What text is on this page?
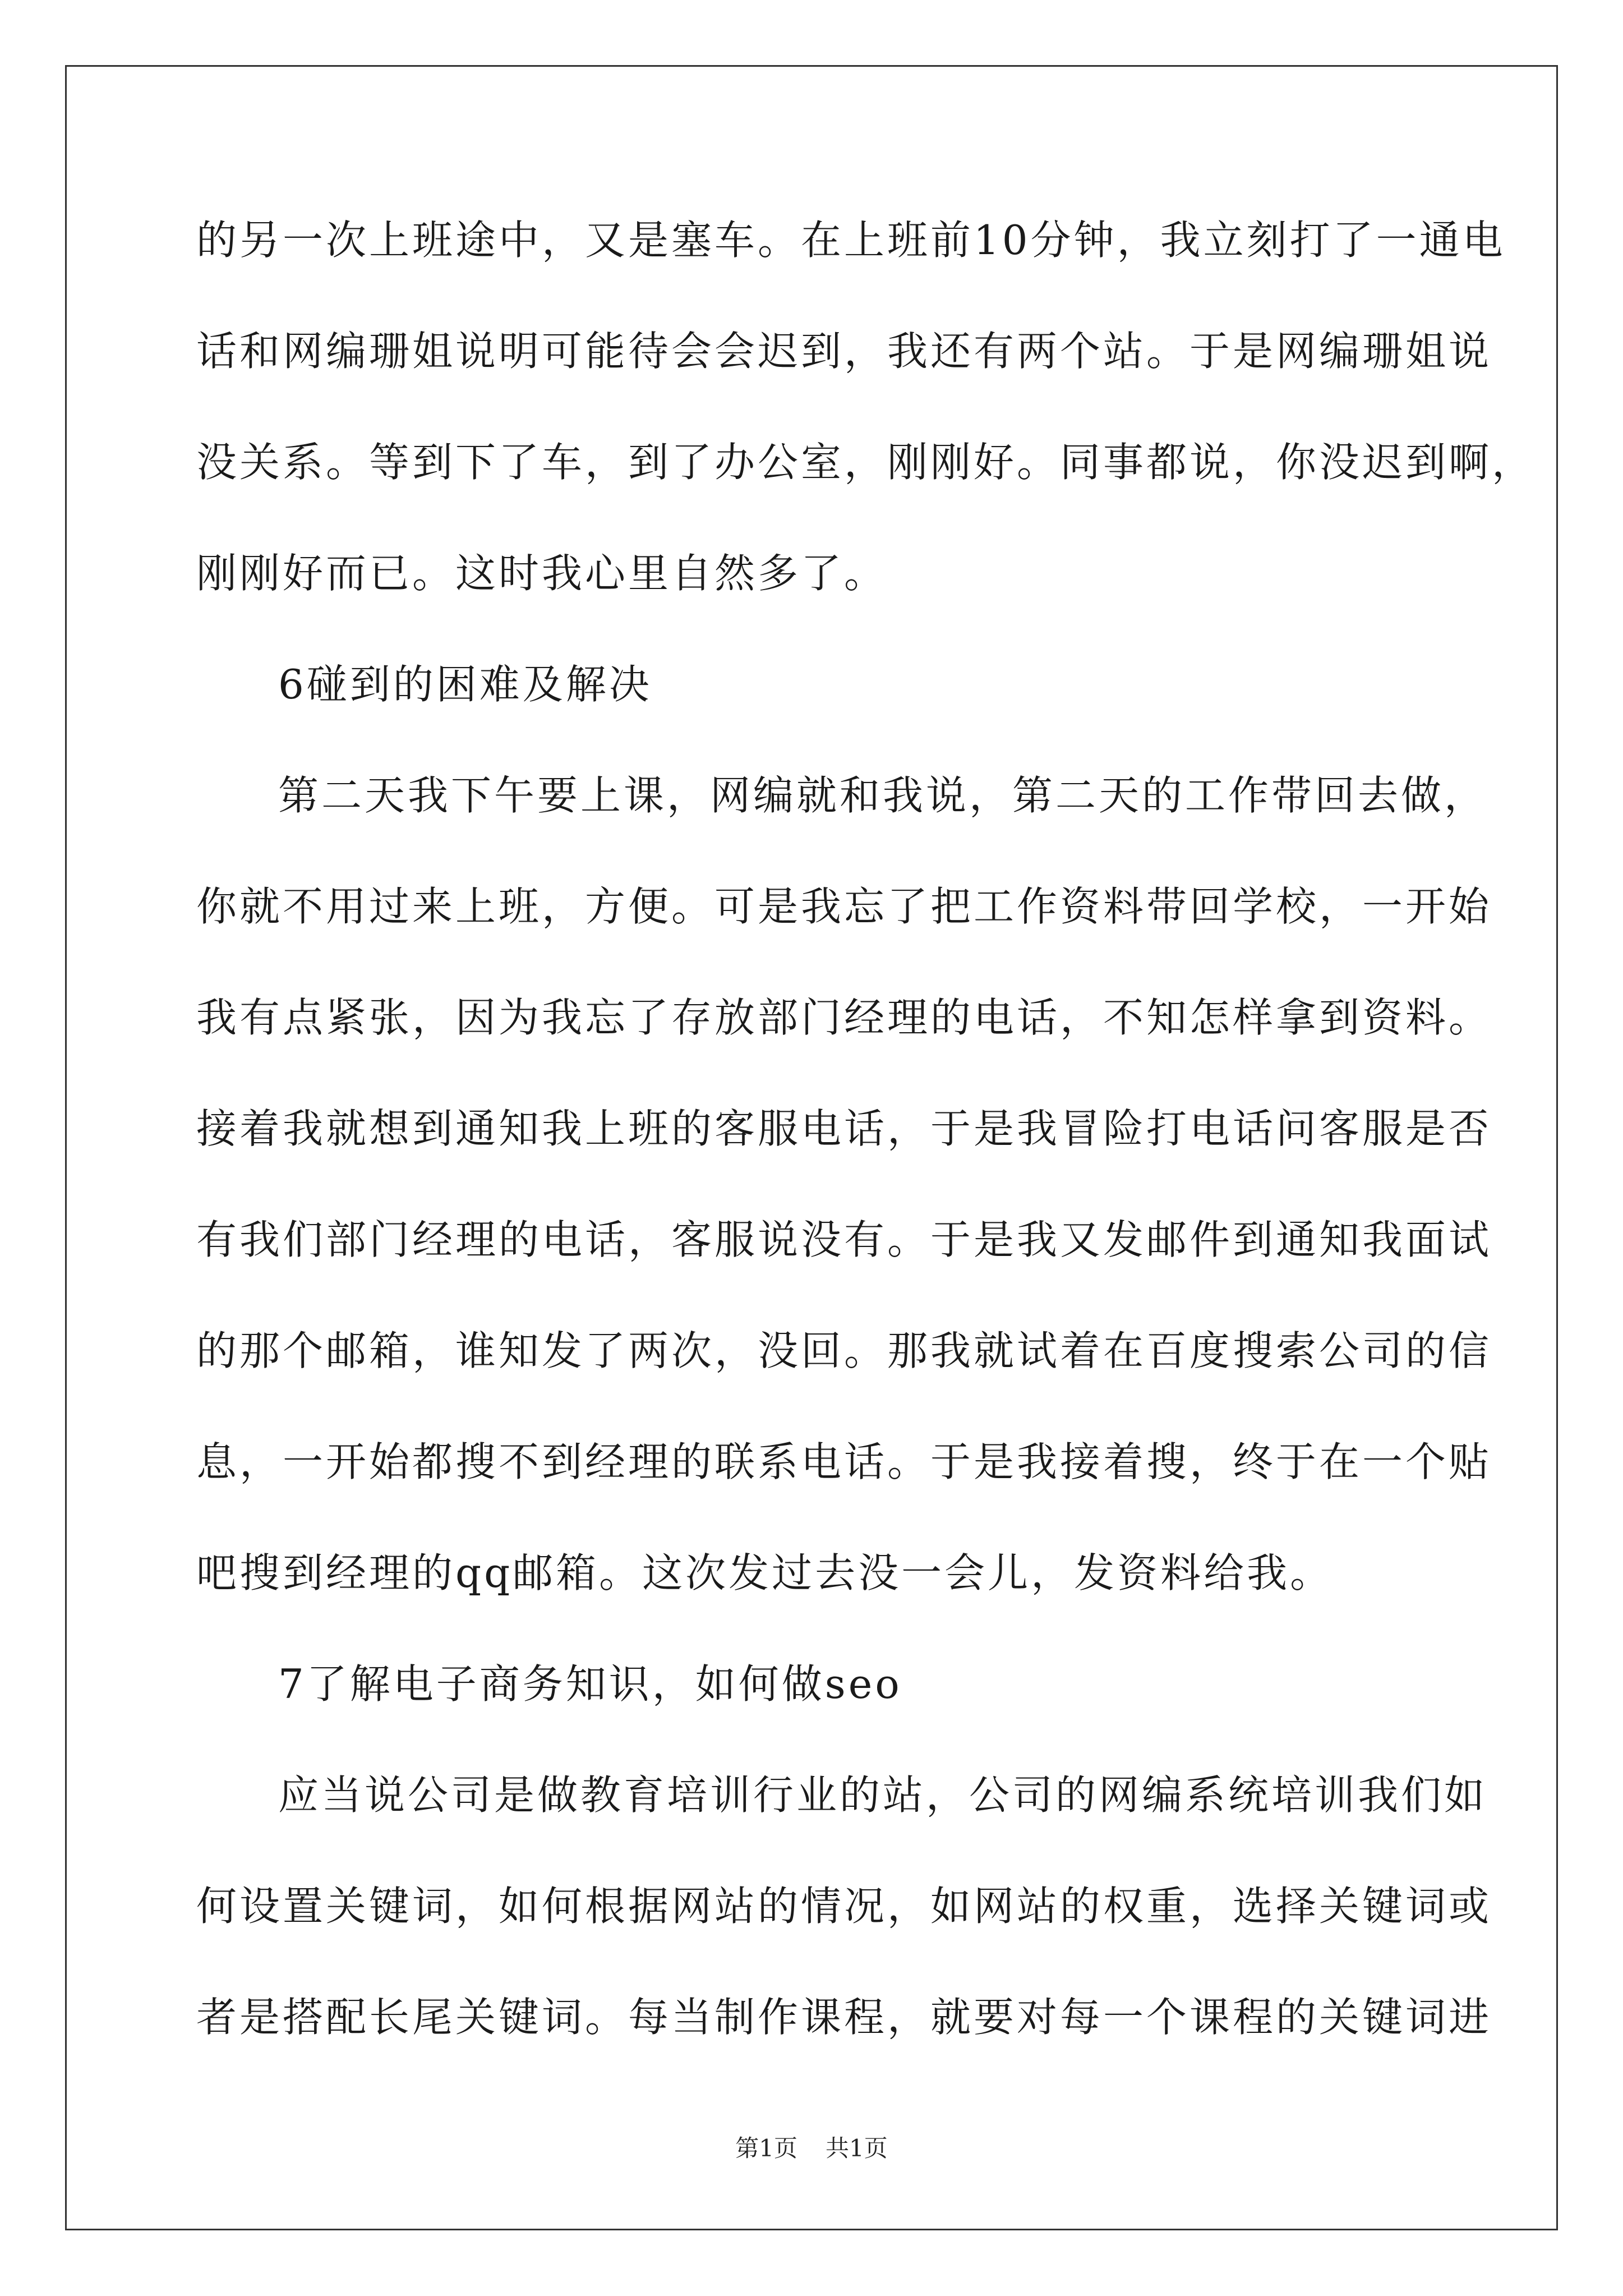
的另一次上班途中，又是塞车。在上班前10分钟，我立刻打了一通电
话和网编珊姐说明可能待会会迟到，我还有两个站。于是网编珊姐说
没关系。等到下了车，到了办公室，刚刚好。同事都说，你没迟到啊，
刚刚好而已。这时我心里自然多了。
6碰到的困难及解决
第二天我下午要上课，网编就和我说，第二天的工作带回去做，
你就不用过来上班，方便。可是我忘了把工作资料带回学校，一开始
我有点紧张，因为我忘了存放部门经理的电话，不知怎样拿到资料。
接着我就想到通知我上班的客服电话，于是我冒险打电话问客服是否
有我们部门经理的电话，客服说没有。于是我又发邮件到通知我面试
的那个邮箱，谁知发了两次，没回。那我就试着在百度搜索公司的信
息，一开始都搜不到经理的联系电话。于是我接着搜，终于在一个贴
吧搜到经理的qq邮箱。这次发过去没一会儿，发资料给我。
7了解电子商务知识，如何做seo
应当说公司是做教育培训行业的站，公司的网编系统培训我们如
何设置关键词，如何根据网站的情况，如网站的权重，选择关键词或
者是搭配长尾关键词。每当制作课程，就要对每一个课程的关键词进
第1页 共1页
